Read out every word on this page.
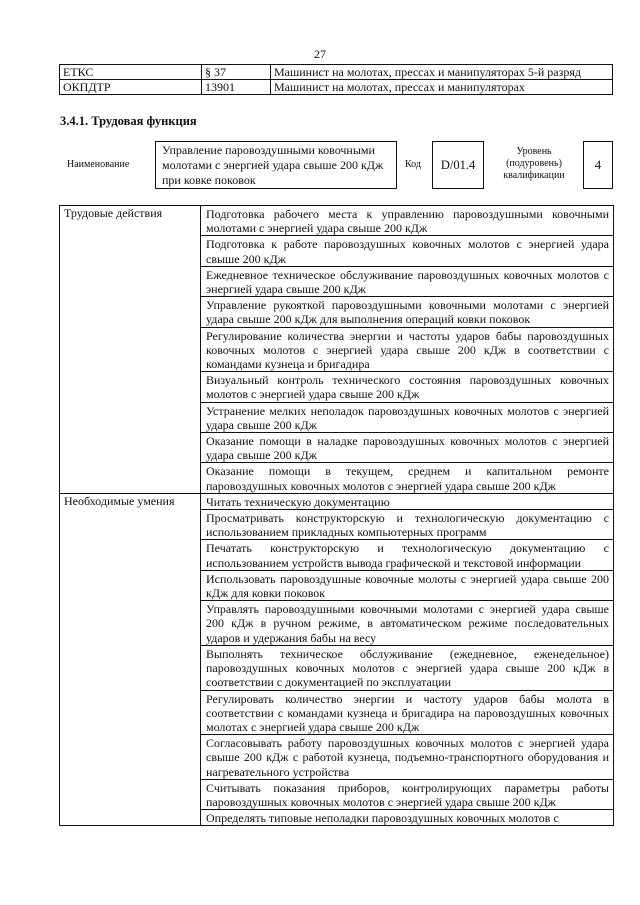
27
ЕТКС	§ 37	Машинист на молотах, прессах и манипуляторах 5-й разряд
ОКПДТР	13901	Машинист на молотах, прессах и манипуляторах
3.4.1. Трудовая функция
Наименование
Управление паровоздушными ковочными молотами с энергией удара свыше 200 кДж при ковке поковок
Код	D/01.4
Уровень (подуровень) квалификации
4
Трудовые действия	Подготовка рабочего места к управлению паровоздушными ковочными молотами с энергией удара свыше 200 кДж
	Подготовка к работе паровоздушных ковочных молотов с энергией удара свыше 200 кДж
	Ежедневное техническое обслуживание паровоздушных ковочных молотов с энергией удара свыше 200 кДж
	Управление рукояткой паровоздушными ковочными молотами с энергией удара свыше 200 кДж для выполнения операций ковки поковок
	Регулирование количества энергии и частоты ударов бабы паровоздушных ковочных молотов с энергией удара свыше 200 кДж в соответствии с командами кузнеца и бригадира
	Визуальный контроль технического состояния паровоздушных ковочных молотов с энергией удара свыше 200 кДж
	Устранение мелких неполадок паровоздушных ковочных молотов с энергией удара свыше 200 кДж
	Оказание помощи в наладке паровоздушных ковочных молотов с энергией удара свыше 200 кДж
	Оказание помощи в текущем, среднем и капитальном ремонте паровоздушных ковочных молотов с энергией удара свыше 200 кДж
Необходимые умения	Читать техническую документацию
	Просматривать конструкторскую и технологическую документацию с использованием прикладных компьютерных программ
	Печатать конструкторскую и технологическую документацию с использованием устройств вывода графической и текстовой информации
	Использовать паровоздушные ковочные молоты с энергией удара свыше 200 кДж для ковки поковок
	Управлять паровоздушными ковочными молотами с энергией удара свыше 200 кДж в ручном режиме, в автоматическом режиме последовательных ударов и удержания бабы на весу
	Выполнять техническое обслуживание (ежедневное, еженедельное) паровоздушных ковочных молотов с энергией удара свыше 200 кДж в соответствии с документацией по эксплуатации
	Регулировать количество энергии и частоту ударов бабы молота в соответствии с командами кузнеца и бригадира на паровоздушных ковочных молотах с энергией удара свыше 200 кДж
	Согласовывать работу паровоздушных ковочных молотов с энергией удара свыше 200 кДж с работой кузнеца, подъемно-транспортного оборудования и нагревательного устройства
	Считывать показания приборов, контролирующих параметры работы паровоздушных ковочных молотов с энергией удара свыше 200 кДж
	Определять типовые неполадки паровоздушных ковочных молотов с
